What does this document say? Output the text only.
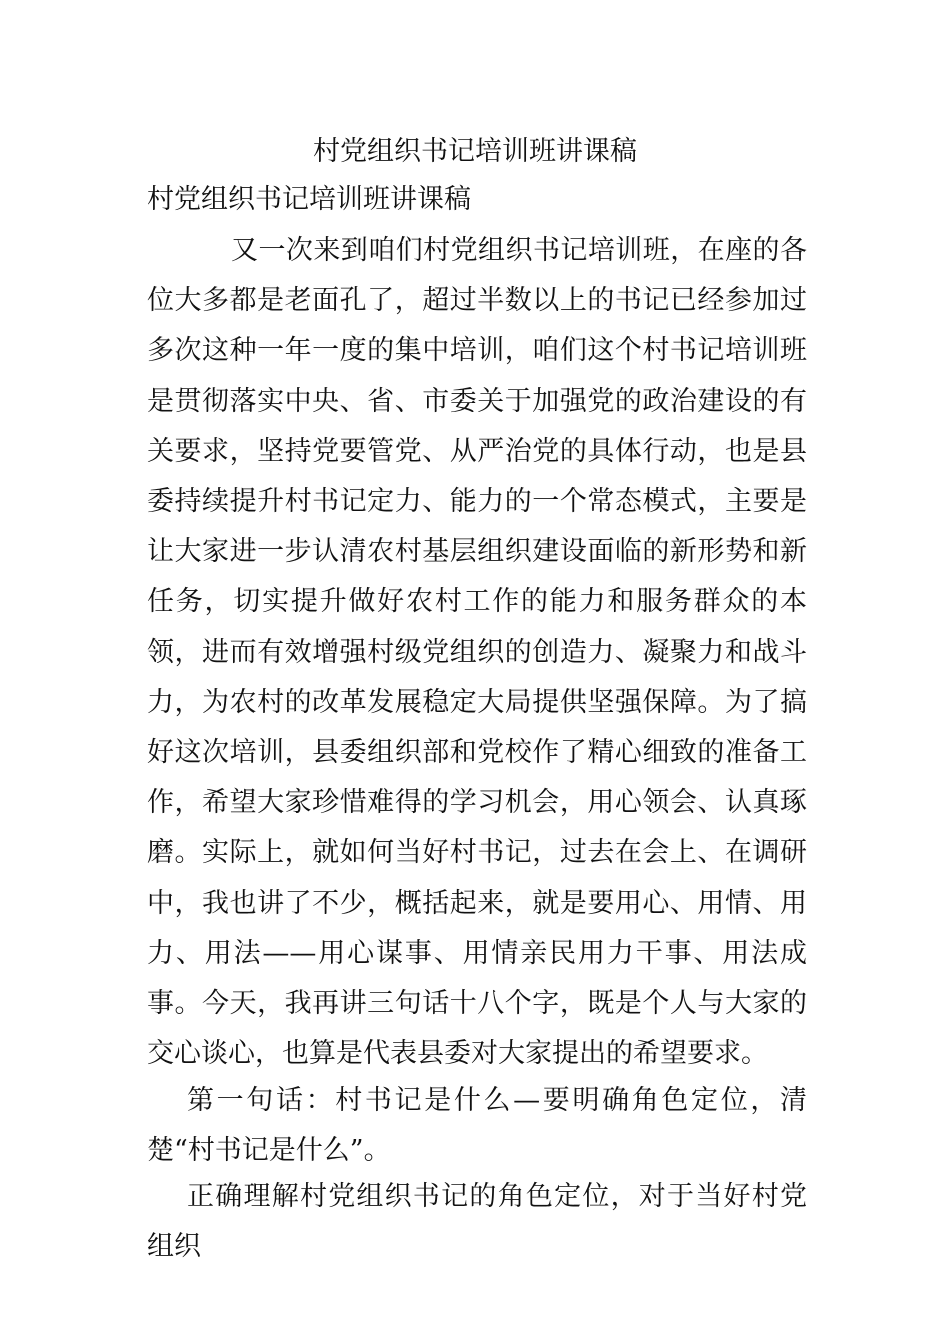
村党组织书记培训班讲课稿

村党组织书记培训班讲课稿

又一次来到咱们村党组织书记培训班，在座的各位大多都是老面孔了，超过半数以上的书记已经参加过多次这种一年一度的集中培训，咱们这个村书记培训班是贯彻落实中央、省、市委关于加强党的政治建设的有关要求，坚持党要管党、从严治党的具体行动，也是县委持续提升村书记定力、能力的一个常态模式，主要是让大家进一步认清农村基层组织建设面临的新形势和新任务，切实提升做好农村工作的能力和服务群众的本领，进而有效增强村级党组织的创造力、凝聚力和战斗力，为农村的改革发展稳定大局提供坚强保障。为了搞好这次培训，县委组织部和党校作了精心细致的准备工作，希望大家珍惜难得的学习机会，用心领会、认真琢磨。实际上，就如何当好村书记，过去在会上、在调研中，我也讲了不少，概括起来，就是要用心、用情、用力、用法——用心谋事、用情亲民用力干事、用法成事。今天，我再讲三句话十八个字，既是个人与大家的交心谈心，也算是代表县委对大家提出的希望要求。

第一句话：村书记是什么—要明确角色定位，清楚“村书记是什么”。

正确理解村党组织书记的角色定位，对于当好村党组织
